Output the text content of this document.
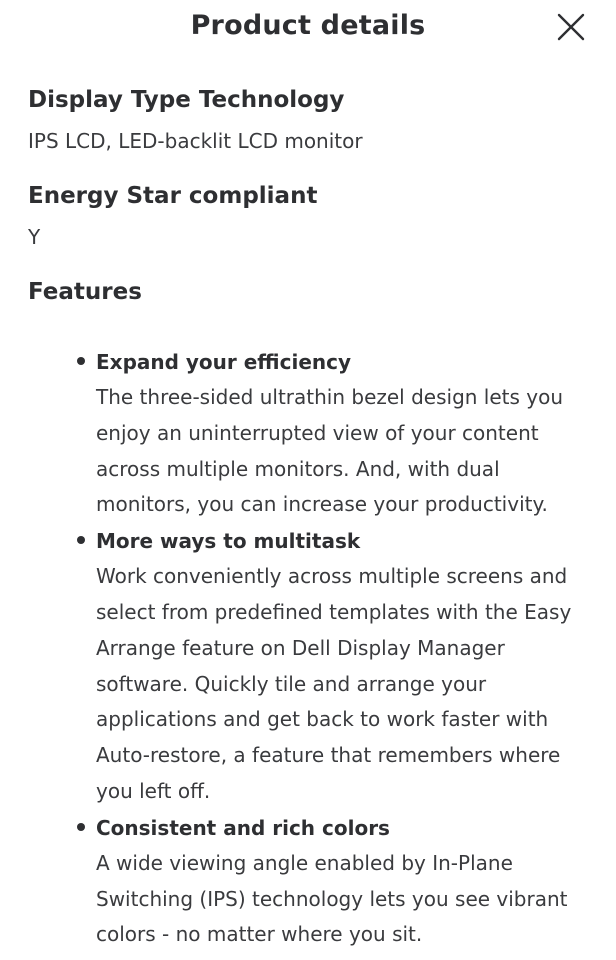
Product details
Display Type Technology

IPS LCD, LED-backlit LCD monitor

Energy Star compliant

Y

Features
Expand your efficiency
The three-sided ultrathin bezel design lets you enjoy an uninterrupted view of your content across multiple monitors. And, with dual monitors, you can increase your productivity.
More ways to multitask
Work conveniently across multiple screens and select from predefined templates with the Easy Arrange feature on Dell Display Manager software. Quickly tile and arrange your applications and get back to work faster with Auto-restore, a feature that remembers where you left off.
Consistent and rich colors
A wide viewing angle enabled by In-Plane Switching (IPS) technology lets you see vibrant colors - no matter where you sit.
